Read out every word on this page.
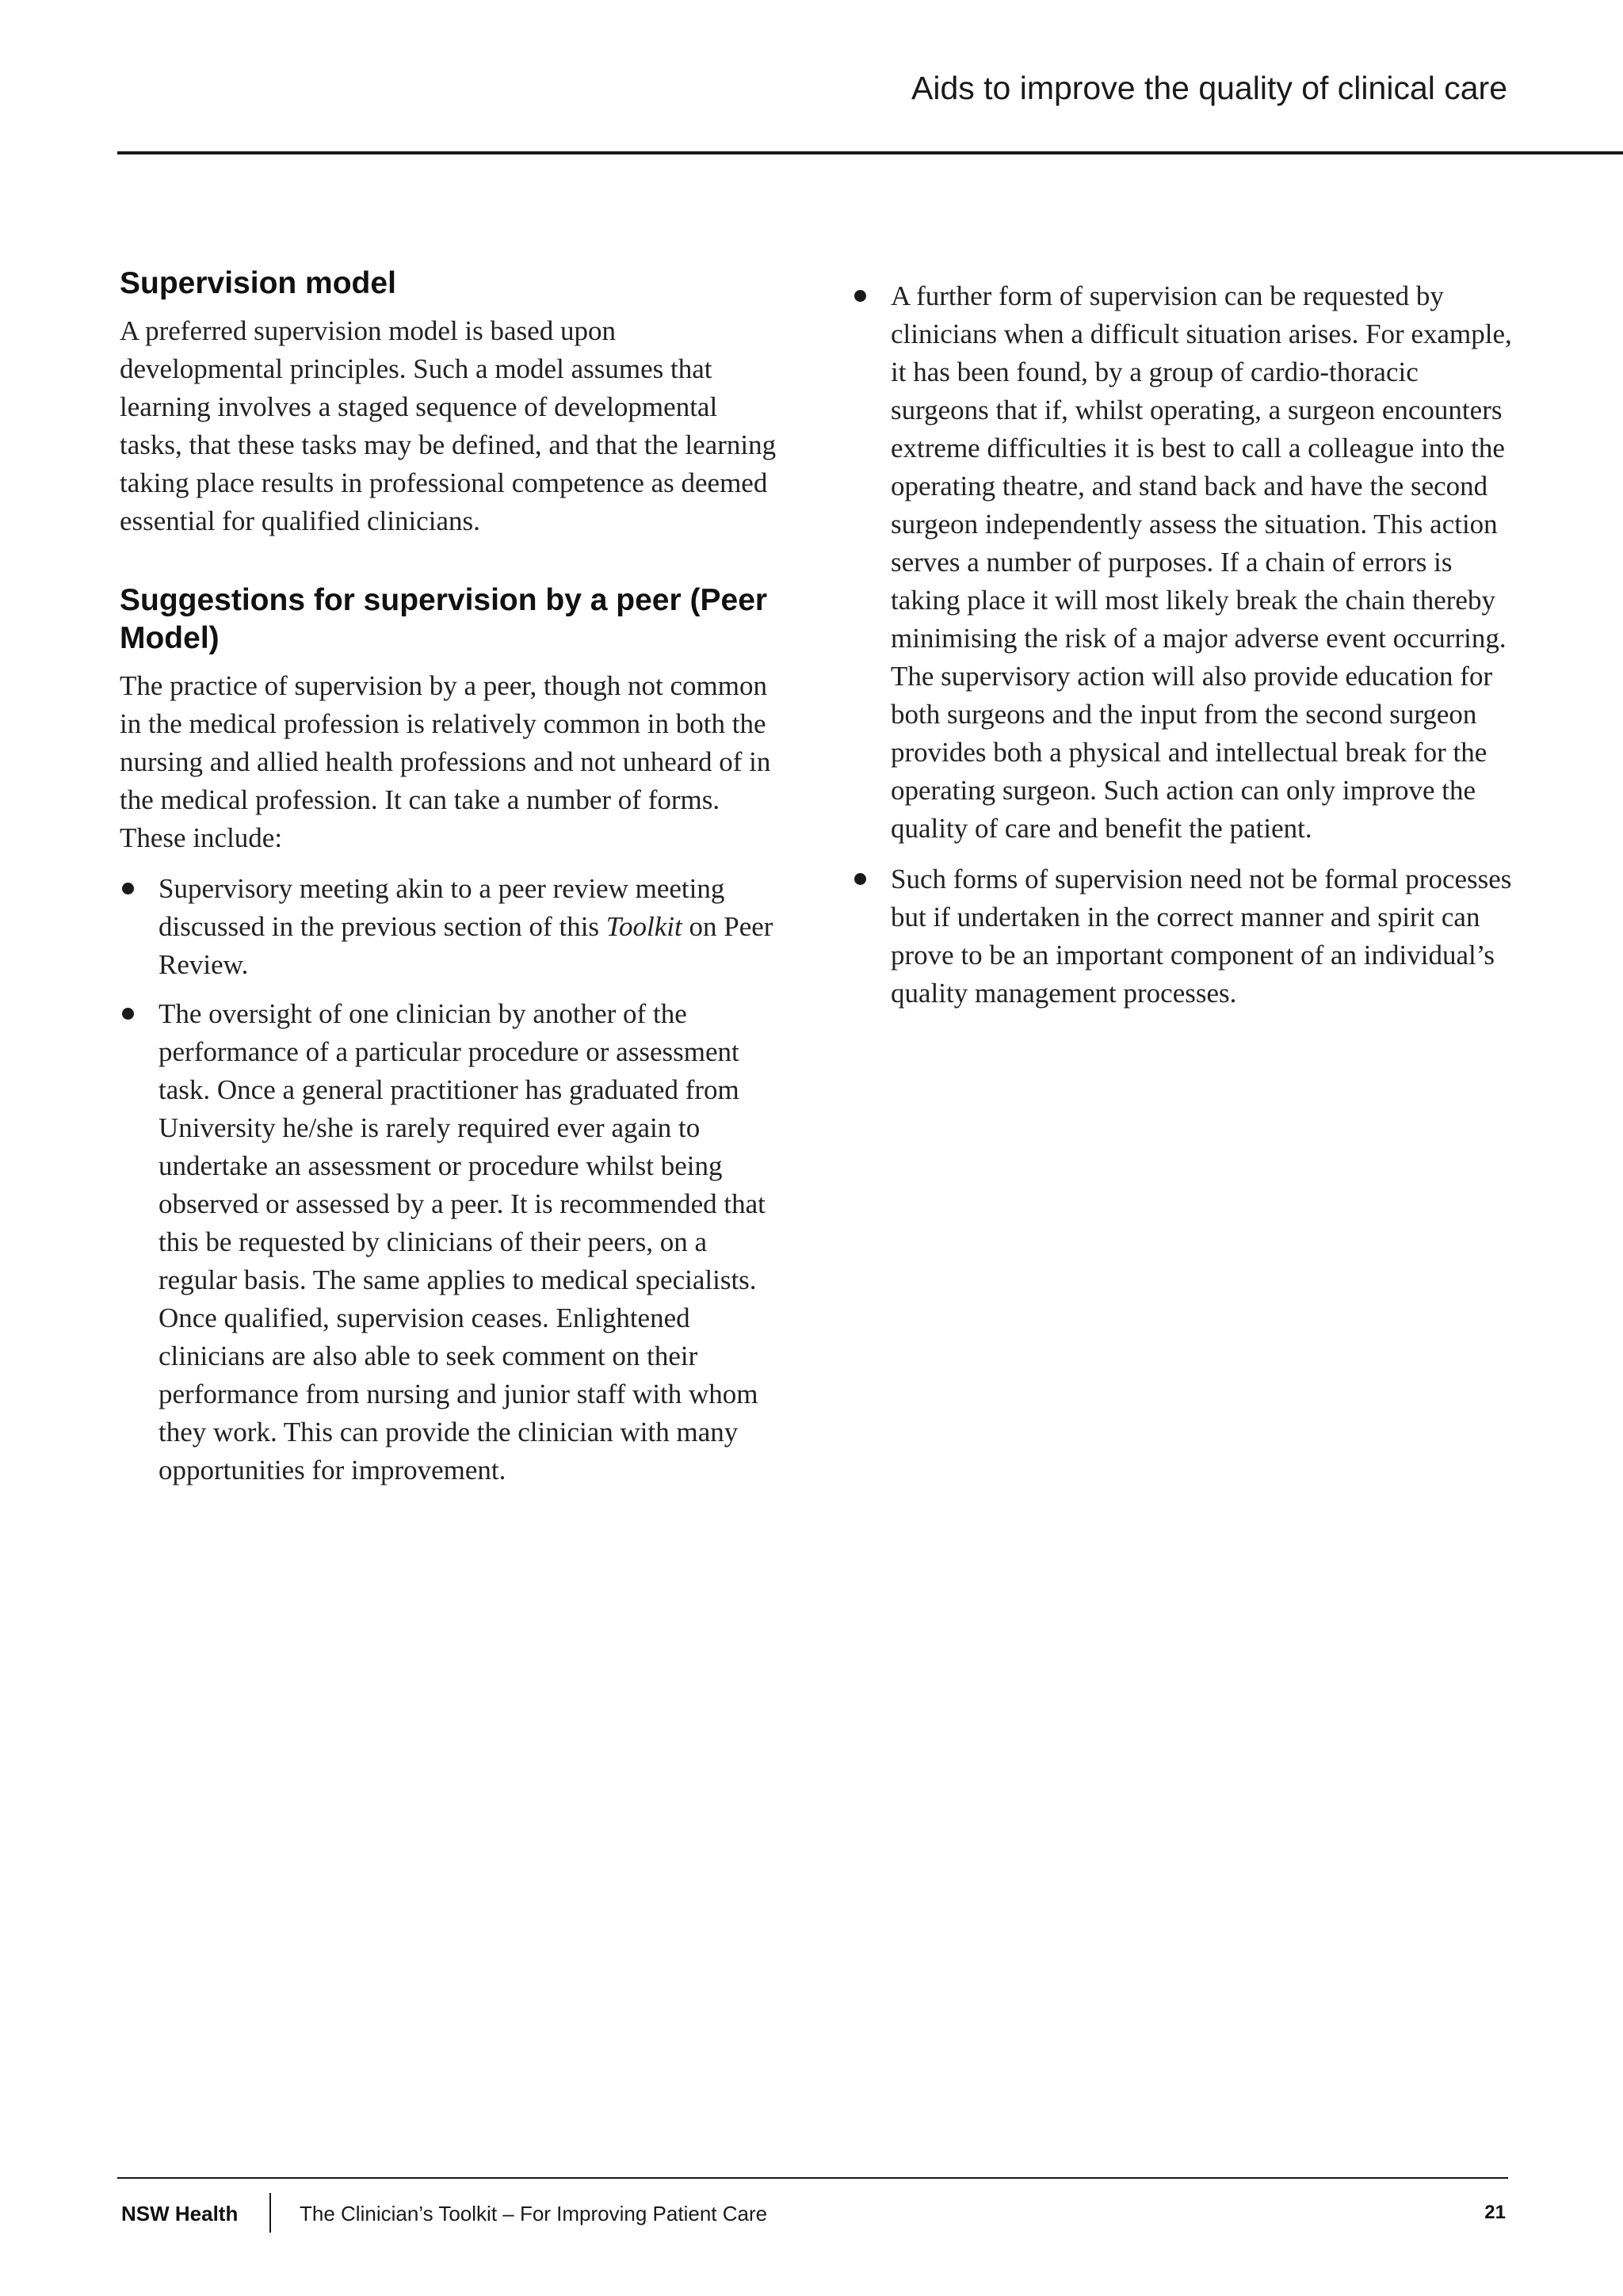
Aids to improve the quality of clinical care
Supervision model

A preferred supervision model is based upon developmental principles. Such a model assumes that learning involves a staged sequence of developmental tasks, that these tasks may be defined, and that the learning taking place results in professional competence as deemed essential for qualified clinicians.

Suggestions for supervision by a peer (Peer Model)

The practice of supervision by a peer, though not common in the medical profession is relatively common in both the nursing and allied health professions and not unheard of in the medical profession. It can take a number of forms.

These include:

Supervisory meeting akin to a peer review meeting discussed in the previous section of this Toolkit on Peer Review.
The oversight of one clinician by another of the performance of a particular procedure or assessment task. Once a general practitioner has graduated from University he/she is rarely required ever again to undertake an assessment or procedure whilst being observed or assessed by a peer. It is recommended that this be requested by clinicians of their peers, on a regular basis. The same applies to medical specialists. Once qualified, supervision ceases. Enlightened clinicians are also able to seek comment on their performance from nursing and junior staff with whom they work. This can provide the clinician with many opportunities for improvement.
A further form of supervision can be requested by clinicians when a difficult situation arises. For example, it has been found, by a group of cardio-thoracic surgeons that if, whilst operating, a surgeon encounters extreme difficulties it is best to call a colleague into the operating theatre, and stand back and have the second surgeon independently assess the situation. This action serves a number of purposes. If a chain of errors is taking place it will most likely break the chain thereby minimising the risk of a major adverse event occurring. The supervisory action will also provide education for both surgeons and the input from the second surgeon provides both a physical and intellectual break for the operating surgeon. Such action can only improve the quality of care and benefit the patient.
Such forms of supervision need not be formal processes but if undertaken in the correct manner and spirit can prove to be an important component of an individual’s quality management processes.
NSW Health	The Clinician’s Toolkit – For Improving Patient Care	21
